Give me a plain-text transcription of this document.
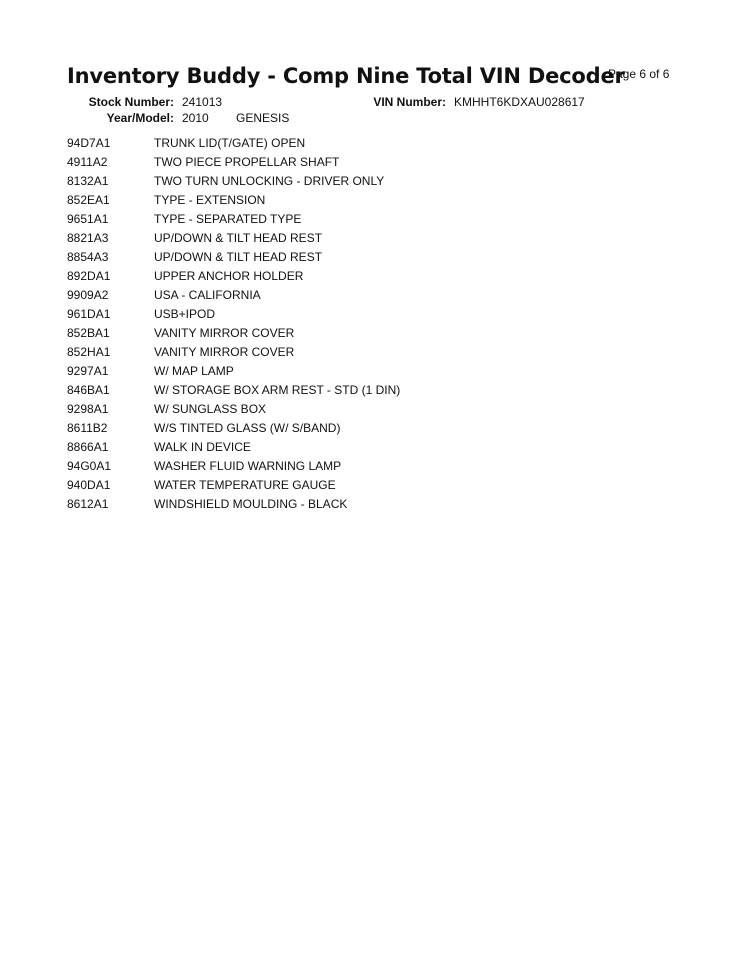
Inventory Buddy - Comp Nine Total VIN Decoder
Page 6 of 6
Stock Number: 241013	VIN Number: KMHHT6KDXAU028617
Year/Model: 2010 GENESIS
94D7A1	TRUNK LID(T/GATE) OPEN
4911A2	TWO PIECE PROPELLAR SHAFT
8132A1	TWO TURN UNLOCKING - DRIVER ONLY
852EA1	TYPE - EXTENSION
9651A1	TYPE - SEPARATED TYPE
8821A3	UP/DOWN & TILT HEAD REST
8854A3	UP/DOWN & TILT HEAD REST
892DA1	UPPER ANCHOR HOLDER
9909A2	USA - CALIFORNIA
961DA1	USB+IPOD
852BA1	VANITY MIRROR COVER
852HA1	VANITY MIRROR COVER
9297A1	W/ MAP LAMP
846BA1	W/ STORAGE BOX ARM REST - STD (1 DIN)
9298A1	W/ SUNGLASS BOX
8611B2	W/S TINTED GLASS (W/ S/BAND)
8866A1	WALK IN DEVICE
94G0A1	WASHER FLUID WARNING LAMP
940DA1	WATER TEMPERATURE GAUGE
8612A1	WINDSHIELD MOULDING - BLACK
